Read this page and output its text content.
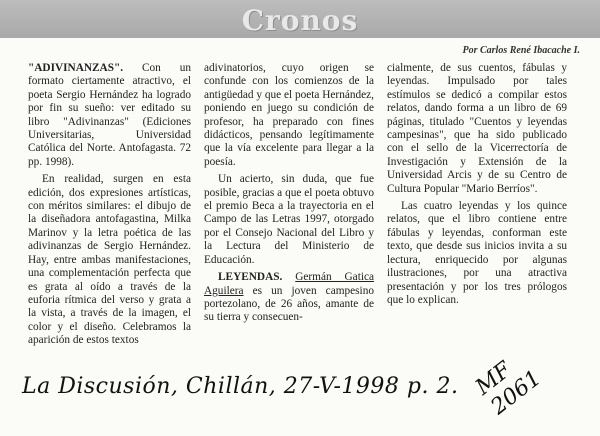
Cronos
Por Carlos René Ibacache I.

"ADIVINANZAS". Con un formato ciertamente atractivo, el poeta Sergio Hernández ha logrado por fin su sueño: ver editado su libro "Adivinanzas" (Ediciones Universitarias, Universidad Católica del Norte. Antofagasta. 72 pp. 1998).

En realidad, surgen en esta edición, dos expresiones artísticas, con méritos similares: el dibujo de la diseñadora antofagastina, Milka Marinov y la letra poética de las adivinanzas de Sergio Hernández. Hay, entre ambas manifestaciones, una complementación perfecta que es grata al oído a través de la euforia rítmica del verso y grata a la vista, a través de la imagen, el color y el diseño. Celebramos la aparición de estos textos

adivinatorios, cuyo origen se confunde con los comienzos de la antigüedad y que el poeta Hernández, poniendo en juego su condición de profesor, ha preparado con fines didácticos, pensando legítimamente que la vía excelente para llegar a la poesía.

Un acierto, sin duda, que fue posible, gracias a que el poeta obtuvo el premio Beca a la trayectoria en el Campo de las Letras 1997, otorgado por el Consejo Nacional del Libro y la Lectura del Ministerio de Educación.

LEYENDAS. Germán Gatica Aguilera es un joven campesino portezolano, de 26 años, amante de su tierra y consecuen-

cialmente, de sus cuentos, fábulas y leyendas. Impulsado por tales estímulos se dedicó a compilar estos relatos, dando forma a un libro de 69 páginas, titulado "Cuentos y leyendas campesinas", que ha sido publicado con el sello de la Vicerrectoría de Investigación y Extensión de la Universidad Arcis y de su Centro de Cultura Popular "Mario Berríos".

Las cuatro leyendas y los quince relatos, que el libro contiene entre fábulas y leyendas, conforman este texto, que desde sus inicios invita a su lectura, enriquecido por algunas ilustraciones, por una atractiva presentación y por los tres prólogos que lo explican.

La Discusión, Chillán, 27-V-1998 p. 2. MF 2061
